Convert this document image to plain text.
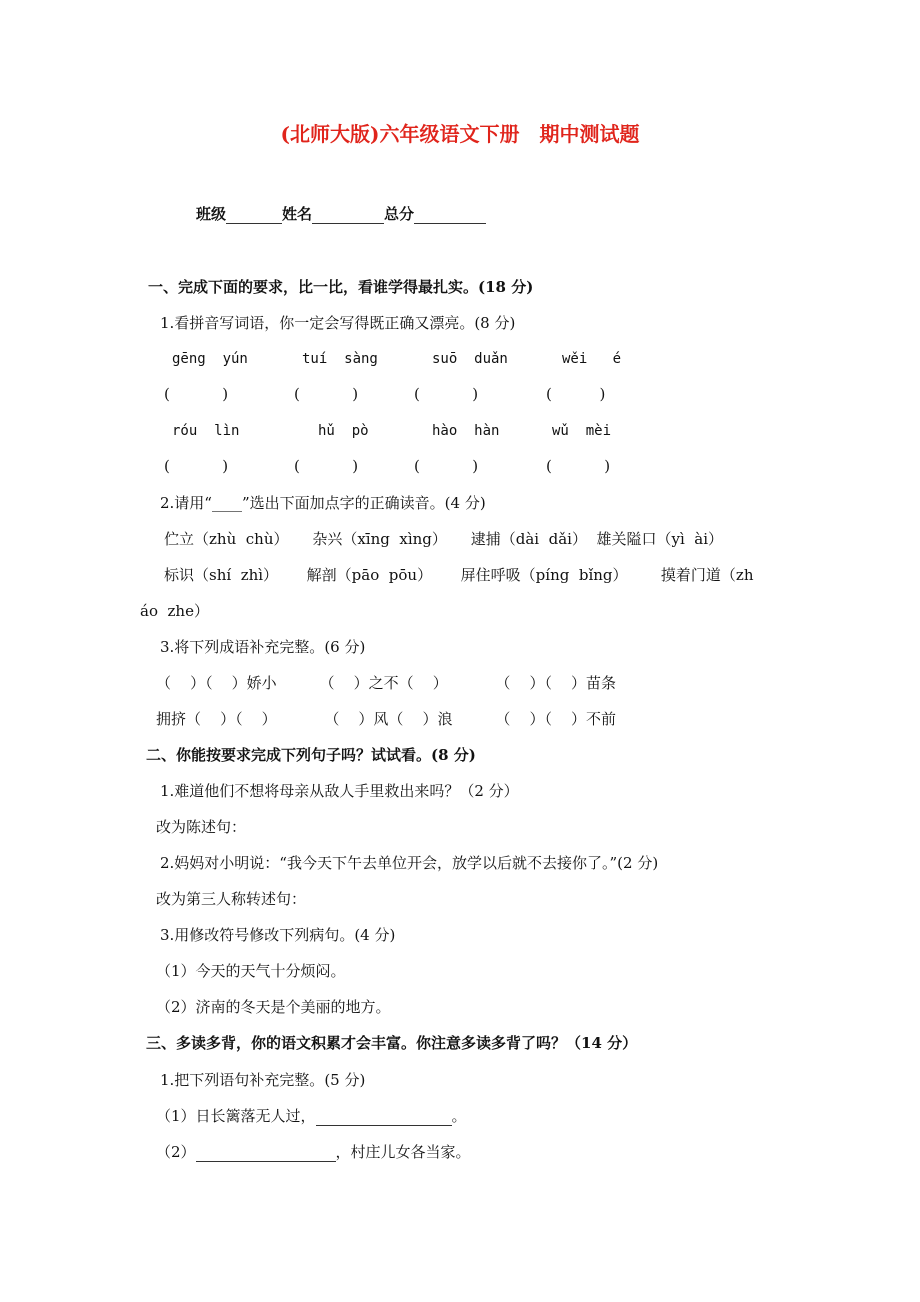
(北师大版)六年级语文下册　期中测试题
班级	姓名	总分
一、完成下面的要求，比一比，看谁学得最扎实。(18 分)
1.看拼音写词语，你一定会写得既正确又漂亮。(8 分)
gēng  yún	tuí  sàng	suō  duǎn	wěi   é
(           )	(           )	(           )	(          )
róu  lìn	hǔ  pò	hào  hàn	wǔ  mèi
(           )	(           )	(           )	(           )
2.请用“____”选出下面加点字的正确读音。(4 分)
伫立（zhù  chù）     杂兴（xīng  xìng）     逮捕（dài  dǎi）  雄关隘口（yì  ài）
标识（shí  zhì）      解剖（pāo  pōu）      屏住呼吸（píng  bǐng）       摸着门道（zh
áo  zhe）
3.将下列成语补充完整。(6 分)
（    ）（    ）娇小         （    ）之不（    ）          （    ）（    ）苗条
拥挤（    ）（    ）          （    ）风（    ）浪         （    ）（    ）不前
二、你能按要求完成下列句子吗？试试看。(8 分)
1.难道他们不想将母亲从敌人手里救出来吗？（2 分）
改为陈述句：
2.妈妈对小明说：“我今天下午去单位开会，放学以后就不去接你了。”(2 分)
改为第三人称转述句：
3.用修改符号修改下列病句。(4 分)
（1）今天的天气十分烦闷。
（2）济南的冬天是个美丽的地方。
三、多读多背，你的语文积累才会丰富。你注意多读多背了吗？（14 分）
1.把下列语句补充完整。(5 分)
（1）日长篱落无人过，	。
（2）	，村庄儿女各当家。
